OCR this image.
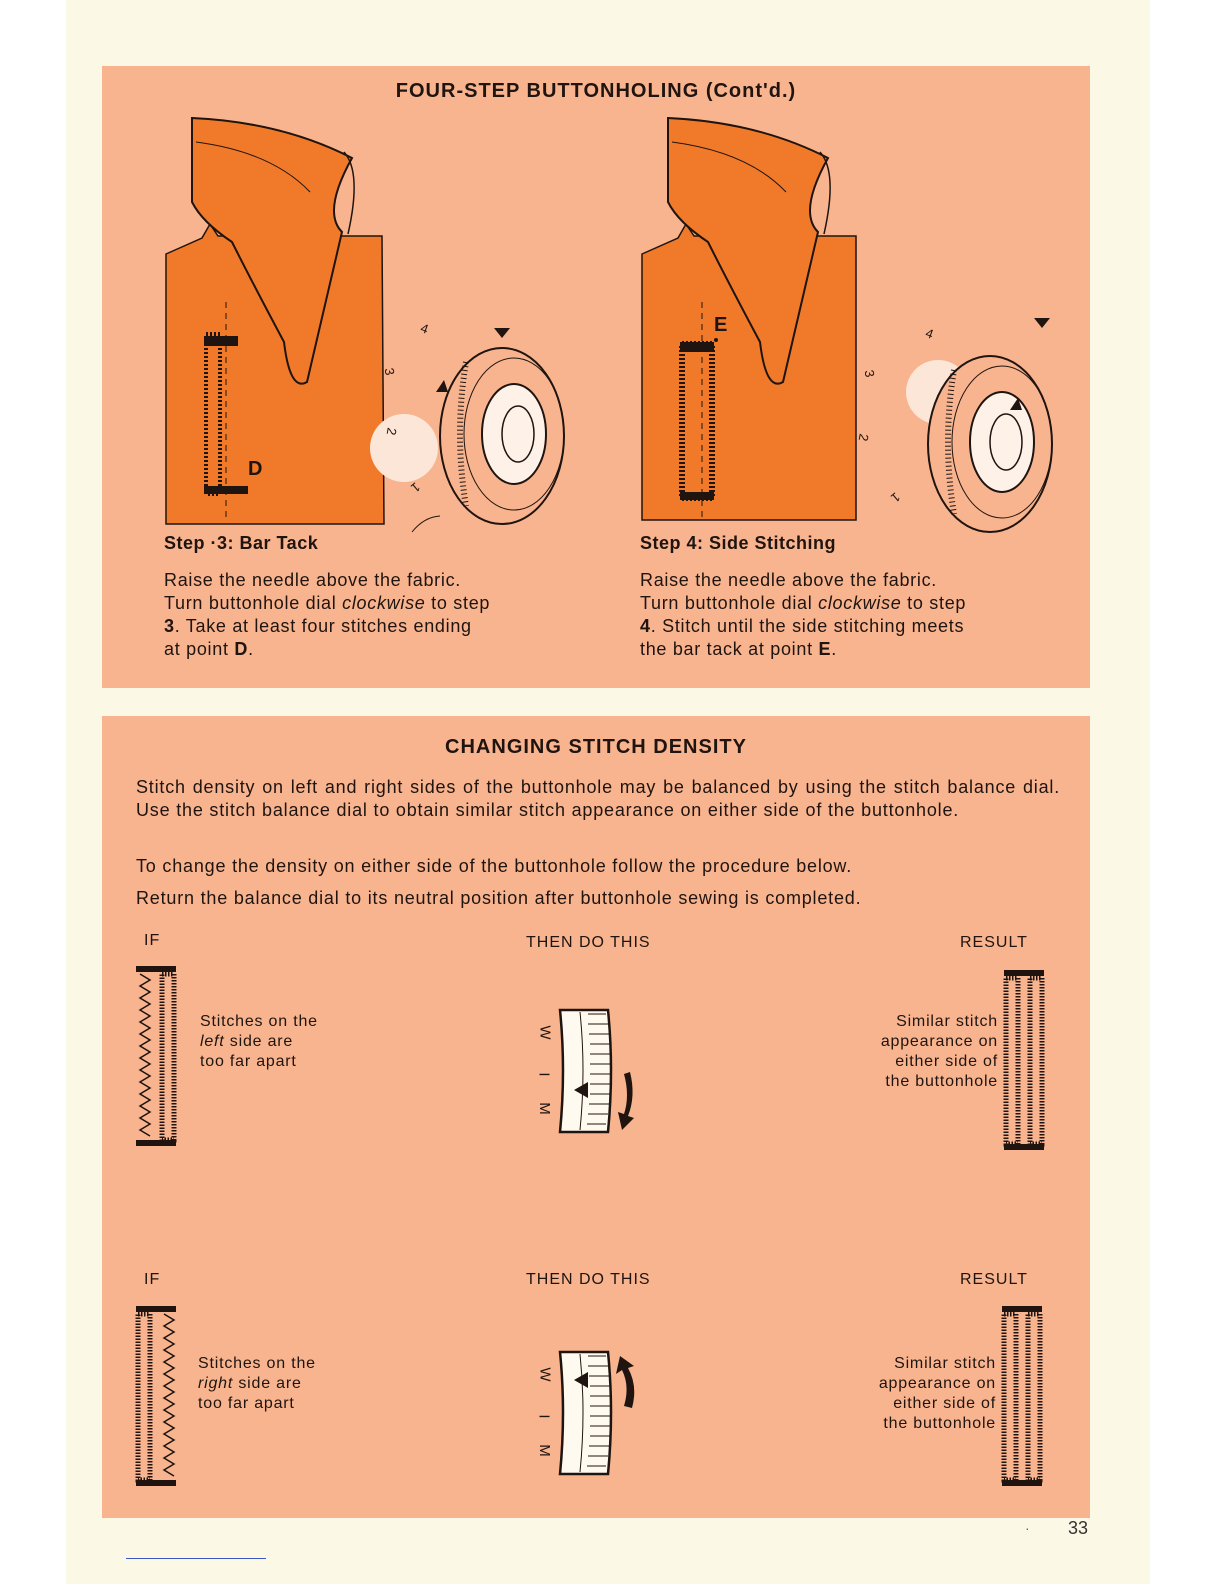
FOUR-STEP BUTTONHOLING (Cont'd.)
Step ·3: Bar Tack
D
4
3
2
1
Raise the needle above the fabric.
Turn buttonhole dial clockwise to step
3. Take at least four stitches ending
at point D.
Step 4: Side Stitching
E	4
3
2
1
Raise the needle above the fabric.
Turn buttonhole dial clockwise to step
4. Stitch until the side stitching meets
the bar tack at point E.
CHANGING STITCH DENSITY
Stitch density on left and right sides of the buttonhole may be balanced by using the stitch balance dial. Use the stitch balance dial to obtain similar stitch appearance on either side of the buttonhole.
To change the density on either side of the buttonhole follow the procedure below.
Return the balance dial to its neutral position after buttonhole sewing is completed.
IF	THEN DO THIS	RESULT
Stitches on the
left side are
too far apart
W
I
M
Similar stitch
appearance on
either side of
the buttonhole
IF	THEN DO THIS	RESULT
Stitches on the
right side are
too far apart
W
I
M
Similar stitch
appearance on
either side of
the buttonhole
· 33
